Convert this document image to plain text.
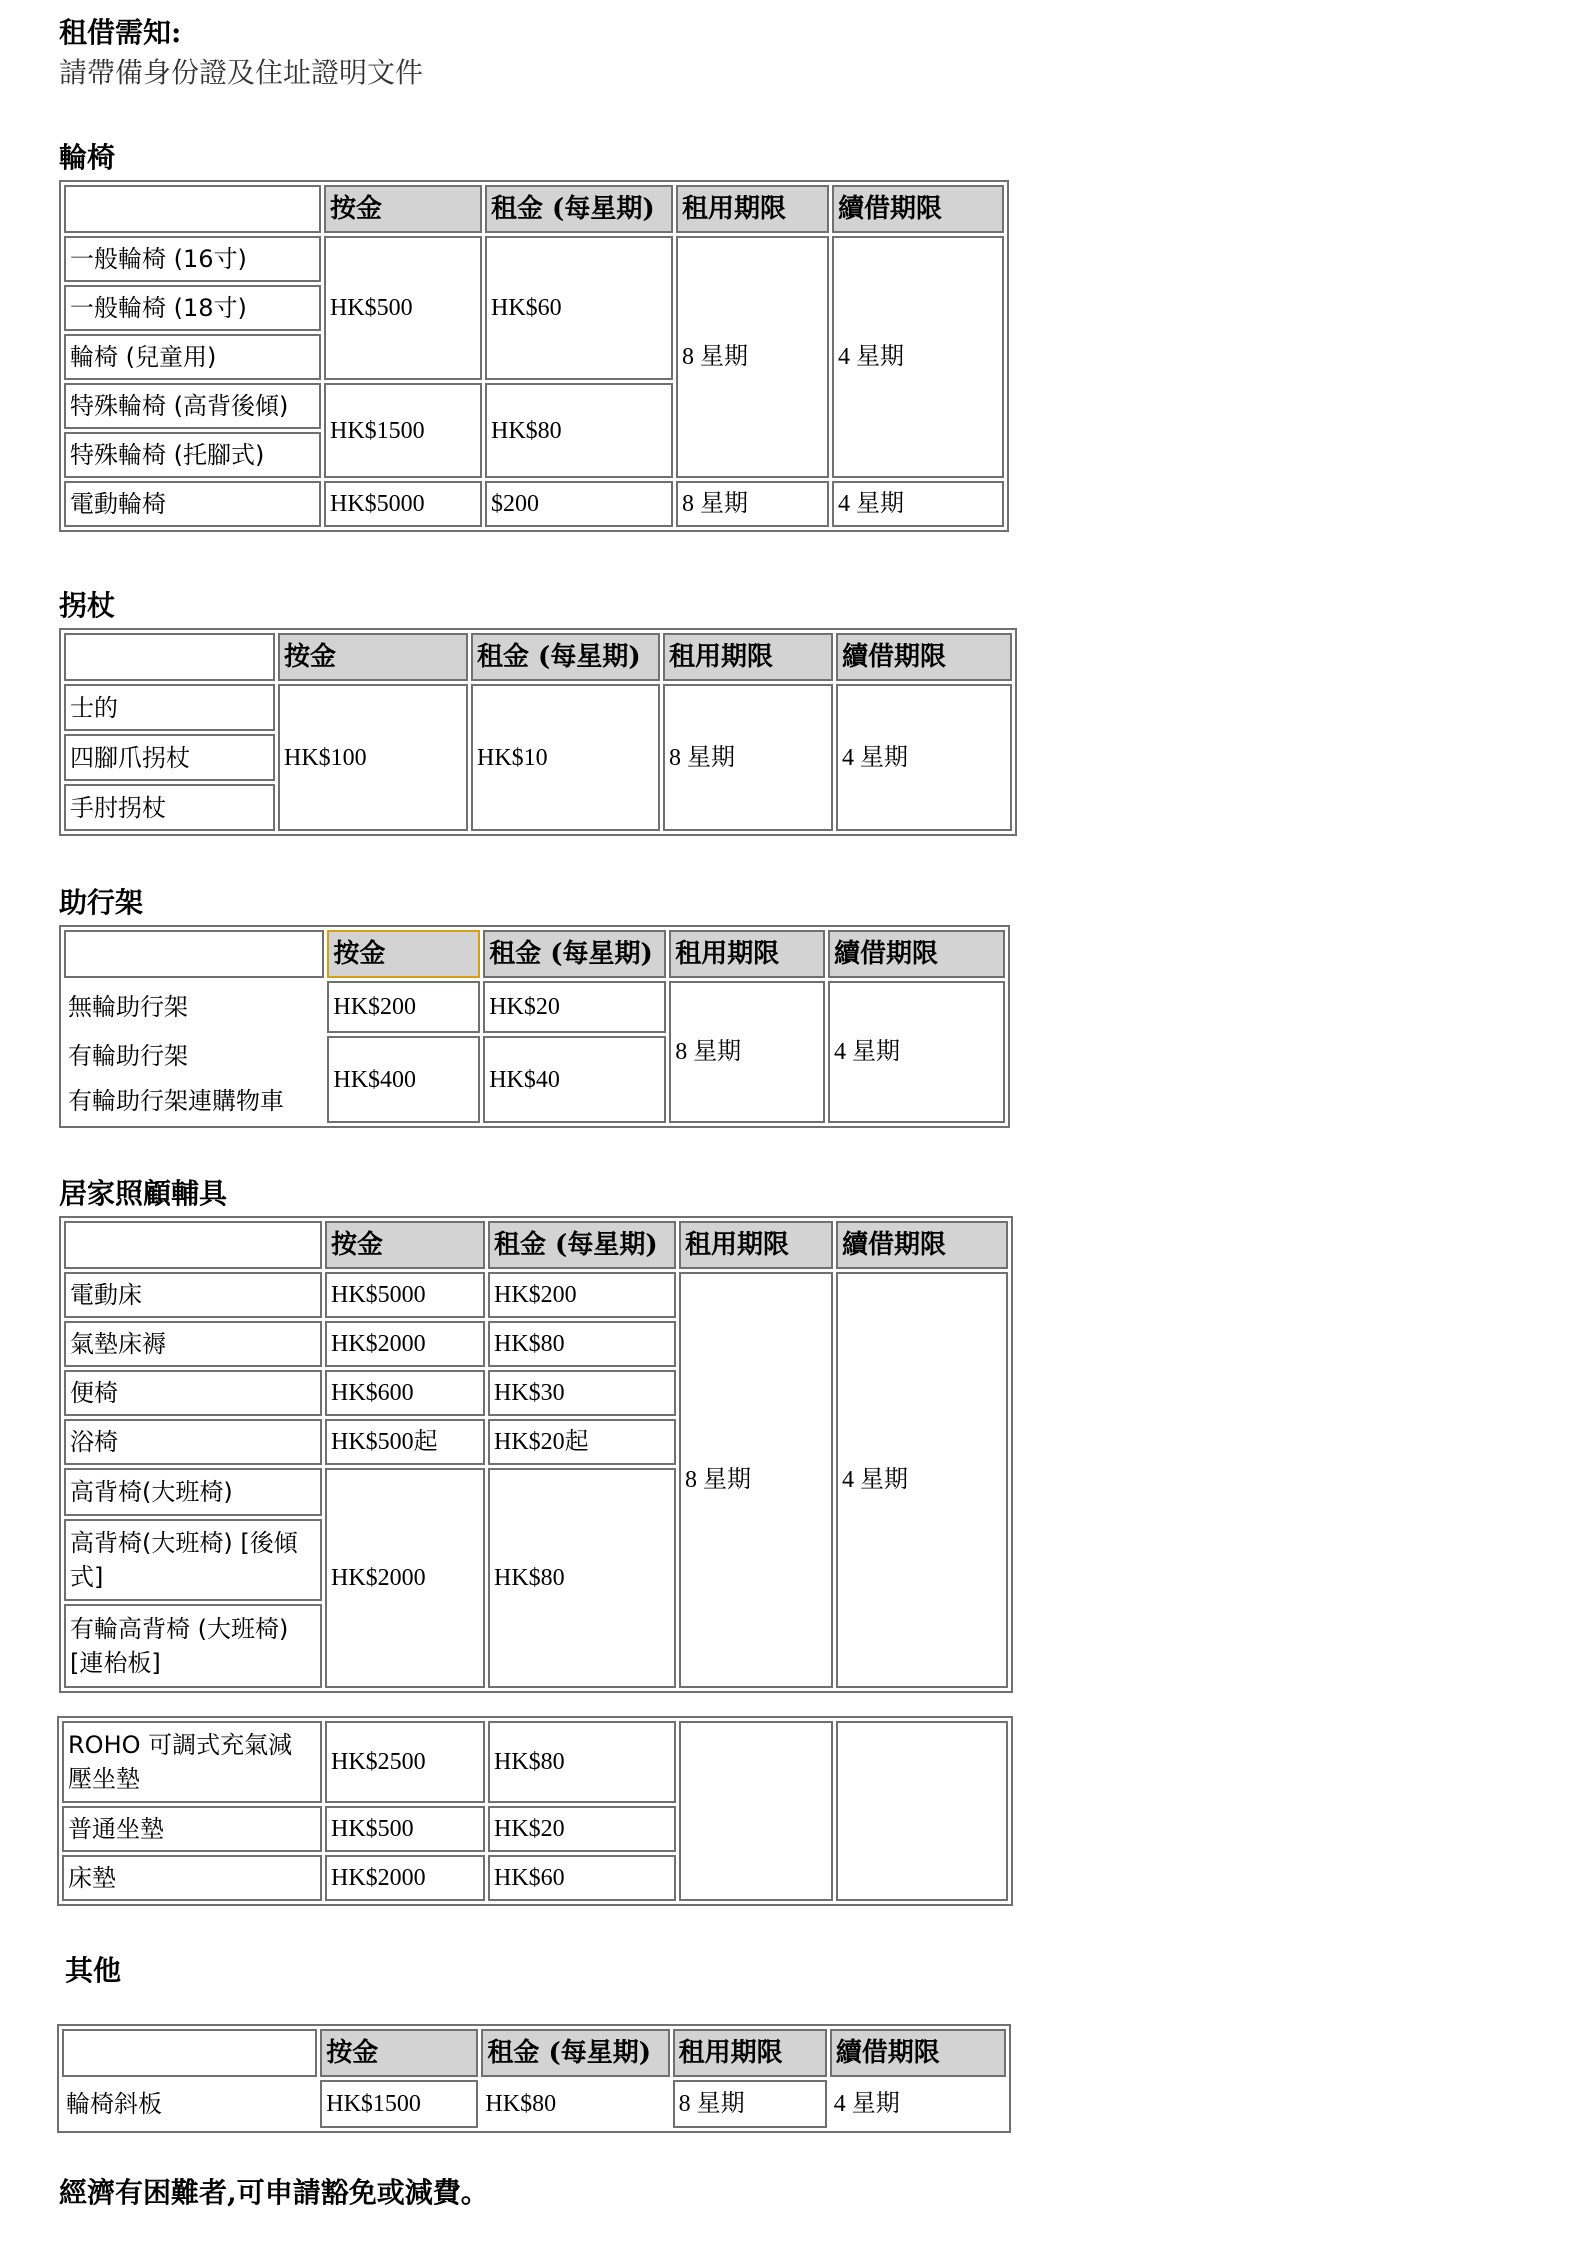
租借需知:
請帶備身份證及住址證明文件
輪椅
	按金	租金 (每星期)	租用期限	續借期限
一般輪椅 (16寸)	HK$500	HK$60	8 星期	4 星期
一般輪椅 (18寸)				
輪椅 (兒童用)				
特殊輪椅 (高背後傾)	HK$1500	HK$80		
特殊輪椅 (托腳式)				
電動輪椅	HK$5000	$200	8 星期	4 星期
拐杖
	按金	租金 (每星期)	租用期限	續借期限
士的	HK$100	HK$10	8 星期	4 星期
四腳爪拐杖				
手肘拐杖				
助行架
	按金	租金 (每星期)	租用期限	續借期限
無輪助行架	HK$200	HK$20	8 星期	4 星期
有輪助行架	HK$400	HK$40		
有輪助行架連購物車				
居家照顧輔具
	按金	租金 (每星期)	租用期限	續借期限
電動床	HK$5000	HK$200	8 星期	4 星期
氣墊床褥	HK$2000	HK$80		
便椅	HK$600	HK$30		
浴椅	HK$500起	HK$20起		
高背椅(大班椅)	HK$2000	HK$80		
高背椅(大班椅) [後傾式]				
有輪高背椅 (大班椅) [連枱板]				
ROHO 可調式充氣減壓坐墊	HK$2500	HK$80		
普通坐墊	HK$500	HK$20		
床墊	HK$2000	HK$60		
其他
	按金	租金 (每星期)	租用期限	續借期限
輪椅斜板	HK$1500	HK$80	8 星期	4 星期
經濟有困難者,可申請豁免或減費。
